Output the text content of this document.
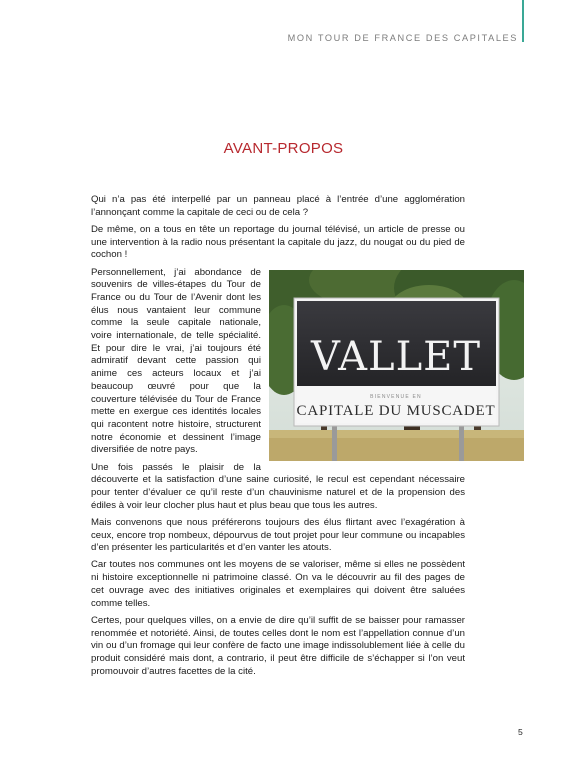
MON TOUR DE FRANCE DES CAPITALES
AVANT-PROPOS

Qui n’a pas été interpellé par un panneau placé à l’entrée d’une agglomération l’annonçant comme la capitale de ceci ou de cela ?

De même, on a tous en tête un reportage du journal télévisé, un article de presse ou une intervention à la radio nous présentant la capitale du jazz, du nougat ou du pied de cochon !

VALLET
BIENVENUE EN
CAPITALE DU MUSCADET

Personnellement, j’ai abondance de souvenirs de villes-étapes du Tour de France ou du Tour de l’Avenir dont les élus nous vantaient leur commune comme la seule capitale nationale, voire internationale, de telle spécialité. Et pour dire le vrai, j’ai toujours été admiratif devant cette passion qui anime ces acteurs locaux et j’ai beaucoup œuvré pour que la couverture télévisée du Tour de France mette en exergue ces identités locales qui racontent notre histoire, structurent notre économie et dessinent l’image diversifiée de notre pays.

Une fois passés le plaisir de la découverte et la satisfaction d’une saine curiosité, le recul est cependant nécessaire pour tenter d’évaluer ce qu’il reste d’un chauvinisme naturel et de la propension des édiles à voir leur clocher plus haut et plus beau que tous les autres.

Mais convenons que nous préférerons toujours des élus flirtant avec l’exagération à ceux, encore trop nombeux, dépourvus de tout projet pour leur commune ou incapables d’en présenter les particularités et d’en vanter les atouts.

Car toutes nos communes ont les moyens de se valoriser, même si elles ne possèdent ni histoire exceptionnelle ni patrimoine classé. On va le découvrir au fil des pages de cet ouvrage avec des initiatives originales et exemplaires qui doivent être saluées comme telles.

Certes, pour quelques villes, on a envie de dire qu’il suffit de se baisser pour ramasser renommée et notoriété. Ainsi, de toutes celles dont le nom est l’appellation connue d’un vin ou d’un fromage qui leur confère de facto une image indissolublement liée à celle du produit considéré mais dont, a contrario, il peut être difficile de s’échapper si l’on veut promouvoir d’autres facettes de la cité.

5
